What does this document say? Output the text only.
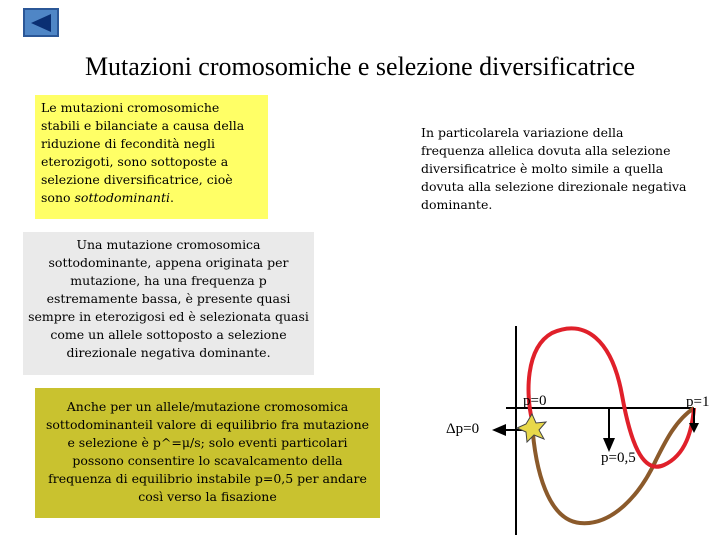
Mutazioni cromosomiche e selezione diversificatrice
Le mutazioni cromosomiche stabili e bilanciate a causa della riduzione di fecondità negli eterozigoti, sono sottoposte a selezione diversificatrice, cioè sono sottodominanti.
In particolarela variazione della frequenza allelica dovuta alla selezione diversificatrice è molto simile a quella dovuta alla selezione direzionale negativa dominante.
Una mutazione cromosomica sottodominante, appena originata per mutazione, ha una frequenza p estremamente bassa, è presente quasi sempre in eterozigosi ed è selezionata quasi come un allele sottoposto a selezione direzionale negativa dominante.
Anche per un allele/mutazione cromosomica sottodominanteil valore di equilibrio fra mutazione e selezione è p^=μ/s; solo eventi particolari possono consentire lo scavalcamento della frequenza di equilibrio instabile p=0,5 per andare così verso la fisazione
p=0	p=1
Δp=0
p=0,5
